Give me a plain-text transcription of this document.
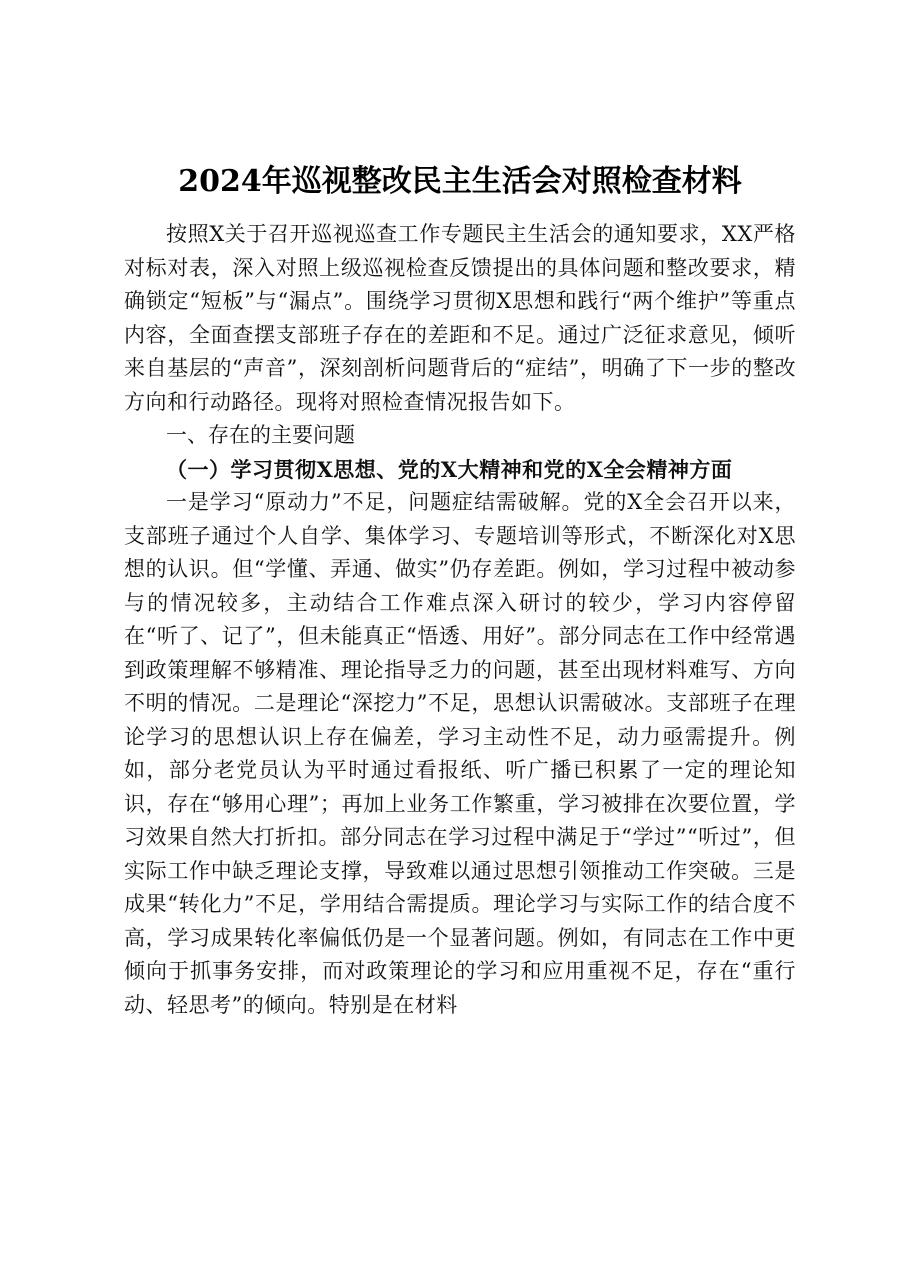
2024年巡视整改民主生活会对照检查材料

按照X关于召开巡视巡查工作专题民主生活会的通知要求，XX严格对标对表，深入对照上级巡视检查反馈提出的具体问题和整改要求，精确锁定“短板”与“漏点”。围绕学习贯彻X思想和践行“两个维护”等重点内容，全面查摆支部班子存在的差距和不足。通过广泛征求意见，倾听来自基层的“声音”，深刻剖析问题背后的“症结”，明确了下一步的整改方向和行动路径。现将对照检查情况报告如下。

一、存在的主要问题
（一）学习贯彻X思想、党的X大精神和党的X全会精神方面

一是学习“原动力”不足，问题症结需破解。党的X全会召开以来，支部班子通过个人自学、集体学习、专题培训等形式，不断深化对X思想的认识。但“学懂、弄通、做实”仍存差距。例如，学习过程中被动参与的情况较多，主动结合工作难点深入研讨的较少，学习内容停留在“听了、记了”，但未能真正“悟透、用好”。部分同志在工作中经常遇到政策理解不够精准、理论指导乏力的问题，甚至出现材料难写、方向不明的情况。二是理论“深挖力”不足，思想认识需破冰。支部班子在理论学习的思想认识上存在偏差，学习主动性不足，动力亟需提升。例如，部分老党员认为平时通过看报纸、听广播已积累了一定的理论知识，存在“够用心理”；再加上业务工作繁重，学习被排在次要位置，学习效果自然大打折扣。部分同志在学习过程中满足于“学过”“听过”，但实际工作中缺乏理论支撑，导致难以通过思想引领推动工作突破。三是成果“转化力”不足，学用结合需提质。理论学习与实际工作的结合度不高，学习成果转化率偏低仍是一个显著问题。例如，有同志在工作中更倾向于抓事务安排，而对政策理论的学习和应用重视不足，存在“重行动、轻思考”的倾向。特别是在材料
